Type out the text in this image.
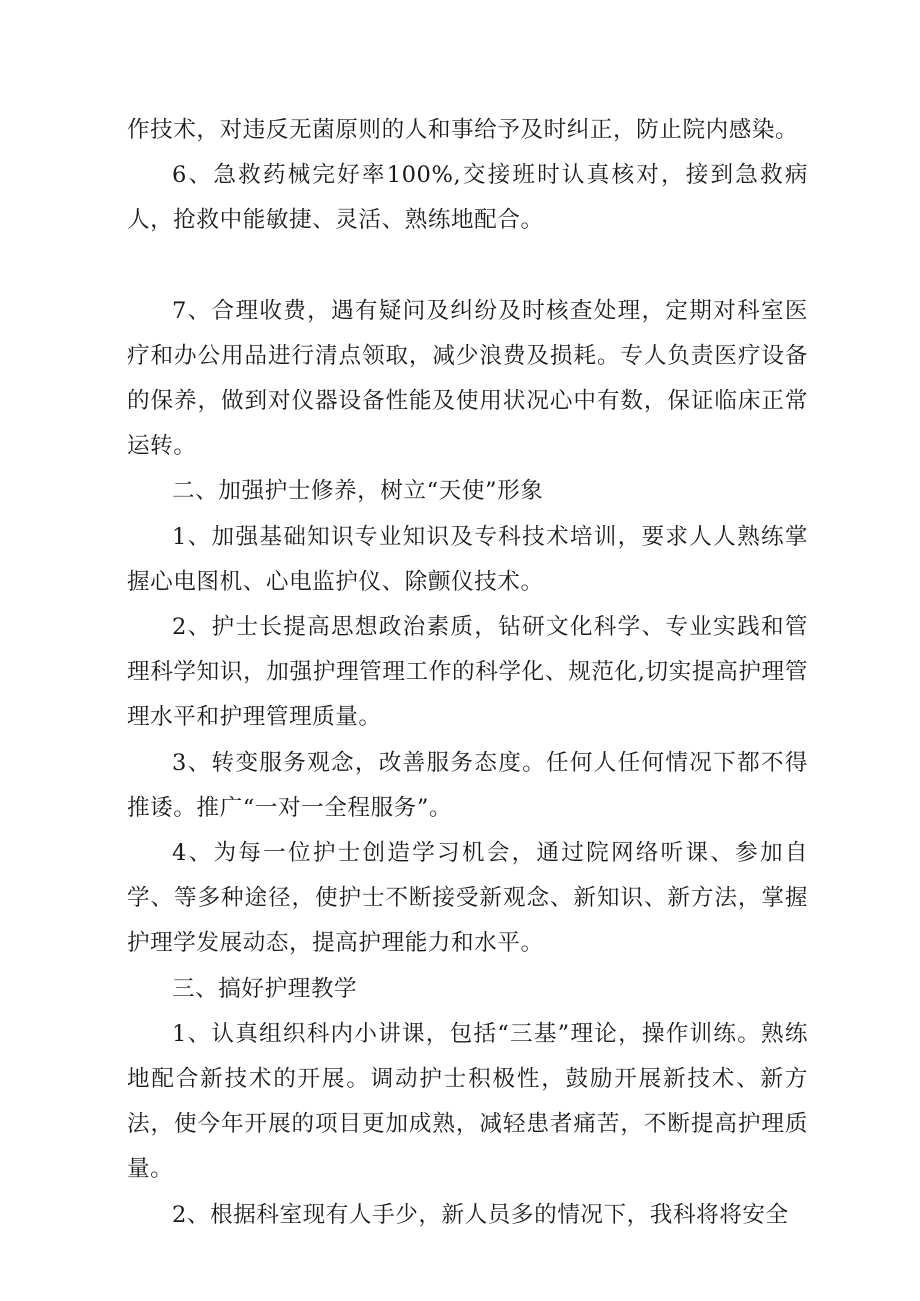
作技术，对违反无菌原则的人和事给予及时纠正，防止院内感染。

6、急救药械完好率100%,交接班时认真核对，接到急救病人，抢救中能敏捷、灵活、熟练地配合。

7、合理收费，遇有疑问及纠纷及时核查处理，定期对科室医疗和办公用品进行清点领取，减少浪费及损耗。专人负责医疗设备的保养，做到对仪器设备性能及使用状况心中有数，保证临床正常运转。

二、加强护士修养，树立“天使”形象

1、加强基础知识专业知识及专科技术培训，要求人人熟练掌握心电图机、心电监护仪、除颤仪技术。

2、护士长提高思想政治素质，钻研文化科学、专业实践和管理科学知识，加强护理管理工作的科学化、规范化,切实提高护理管理水平和护理管理质量。

3、转变服务观念，改善服务态度。任何人任何情况下都不得推诿。推广“一对一全程服务”。

4、为每一位护士创造学习机会，通过院网络听课、参加自学、等多种途径，使护士不断接受新观念、新知识、新方法，掌握护理学发展动态，提高护理能力和水平。

三、搞好护理教学

1、认真组织科内小讲课，包括“三基”理论，操作训练。熟练地配合新技术的开展。调动护士积极性，鼓励开展新技术、新方法，使今年开展的项目更加成熟，减轻患者痛苦，不断提高护理质量。

2、根据科室现有人手少，新人员多的情况下，我科将将安全
